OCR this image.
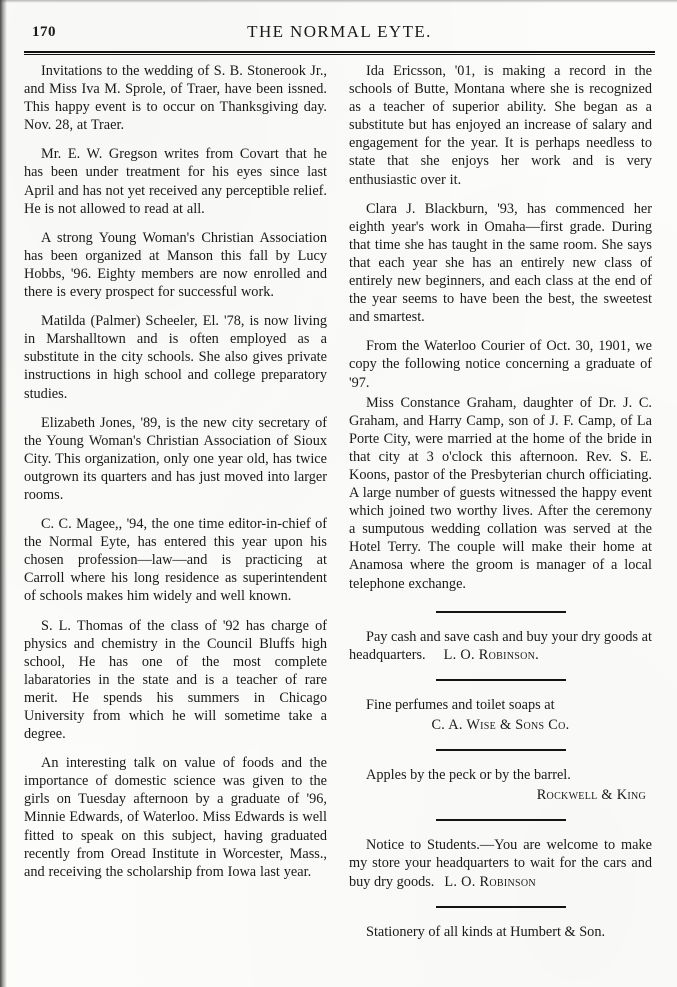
170	THE NORMAL EYTE.

Invitations to the wedding of S. B. Stonerook Jr., and Miss Iva M. Sprole, of Traer, have been issned. This happy event is to occur on Thanksgiving day. Nov. 28, at Traer.

Mr. E. W. Gregson writes from Covart that he has been under treatment for his eyes since last April and has not yet received any perceptible relief. He is not allowed to read at all.

A strong Young Woman's Christian Association has been organized at Manson this fall by Lucy Hobbs, '96. Eighty members are now enrolled and there is every prospect for successful work.

Matilda (Palmer) Scheeler, El. '78, is now living in Marshalltown and is often employed as a substitute in the city schools. She also gives private instructions in high school and college preparatory studies.

Elizabeth Jones, '89, is the new city secretary of the Young Woman's Christian Association of Sioux City. This organization, only one year old, has twice outgrown its quarters and has just moved into larger rooms.

C. C. Magee,, '94, the one time editor-in-chief of the Normal Eyte, has entered this year upon his chosen profession—law—and is practicing at Carroll where his long residence as superintendent of schools makes him widely and well known.

S. L. Thomas of the class of '92 has charge of physics and chemistry in the Council Bluffs high school, He has one of the most complete labaratories in the state and is a teacher of rare merit. He spends his summers in Chicago University from which he will sometime take a degree.

An interesting talk on value of foods and the importance of domestic science was given to the girls on Tuesday afternoon by a graduate of '96, Minnie Edwards, of Waterloo. Miss Edwards is well fitted to speak on this subject, having graduated recently from Oread Institute in Worcester, Mass., and receiving the scholarship from Iowa last year.

Ida Ericsson, '01, is making a record in the schools of Butte, Montana where she is recognized as a teacher of superior ability. She began as a substitute but has enjoyed an increase of salary and engagement for the year. It is perhaps needless to state that she enjoys her work and is very enthusiastic over it.

Clara J. Blackburn, '93, has commenced her eighth year's work in Omaha—first grade. During that time she has taught in the same room. She says that each year she has an entirely new class of entirely new beginners, and each class at the end of the year seems to have been the best, the sweetest and smartest.

From the Waterloo Courier of Oct. 30, 1901, we copy the following notice concerning a graduate of '97.

Miss Constance Graham, daughter of Dr. J. C. Graham, and Harry Camp, son of J. F. Camp, of La Porte City, were married at the home of the bride in that city at 3 o'clock this afternoon. Rev. S. E. Koons, pastor of the Presbyterian church officiating. A large number of guests witnessed the happy event which joined two worthy lives. After the ceremony a sumputous wedding collation was served at the Hotel Terry. The couple will make their home at Anamosa where the groom is manager of a local telephone exchange.

Pay cash and save cash and buy your dry goods at headquarters. L. O. Robinson.

Fine perfumes and toilet soaps at
C. A. Wise & Sons Co.

Apples by the peck or by the barrel.
Rockwell & King

Notice to Students.—You are welcome to make my store your headquarters to wait for the cars and buy dry goods. L. O. Robinson

Stationery of all kinds at Humbert & Son.
